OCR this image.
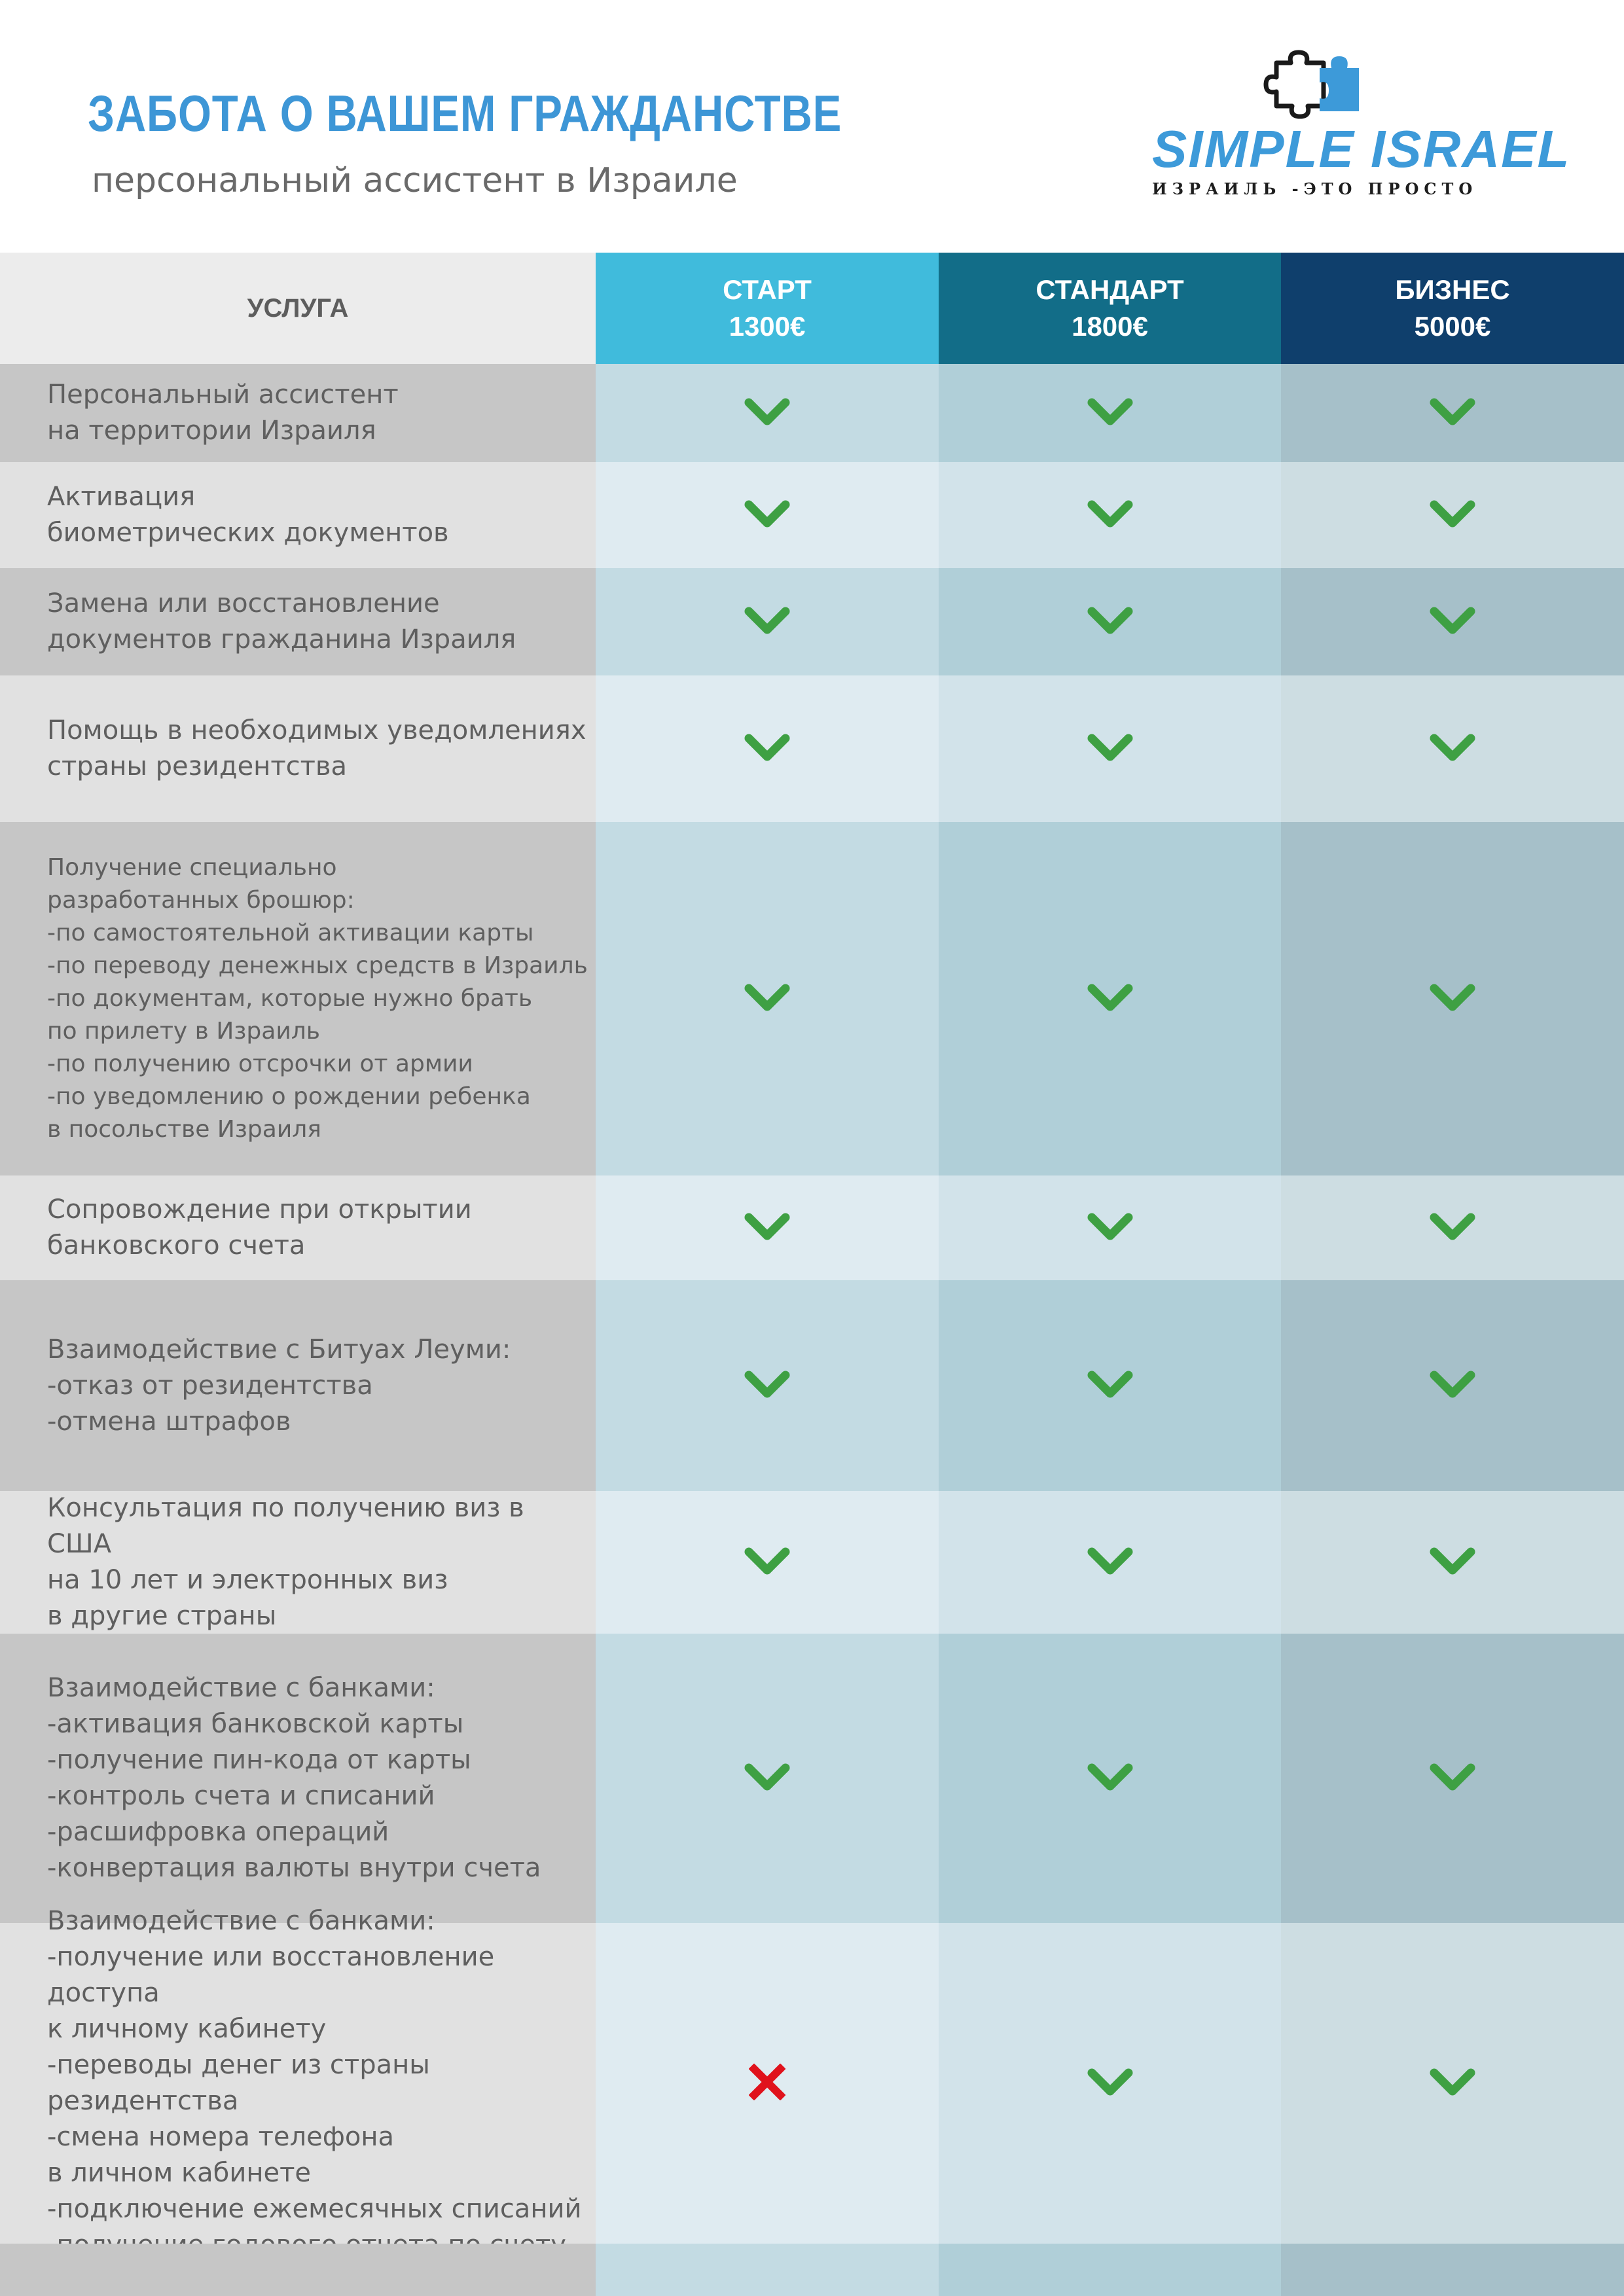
ЗАБОТА О ВАШЕМ ГРАЖДАНСТВЕ
персональный ассистент в Израиле
SIMPLE ISRAEL
ИЗРАИЛЬ -ЭТО ПРОСТО
УСЛУГА
СТАРТ
1300€
СТАНДАРТ
1800€
БИЗНЕС
5000€
Персональный ассистент
на территории Израиля
Активация
биометрических документов
Замена или восстановление
документов гражданина Израиля
Помощь в необходимых уведомлениях
страны резидентства
Получение специально
разработанных брошюр:
-по самостоятельной активации карты
-по переводу денежных средств в Израиль
-по документам, которые нужно брать
по прилету в Израиль
-по получению отсрочки от армии
-по уведомлению о рождении ребенка
в посольстве Израиля
Сопровождение при открытии
банковского счета
Взаимодействие с Битуах Леуми:
-отказ от резидентства
-отмена штрафов
Консультация по получению виз в США
на 10 лет и электронных виз
в другие страны
Взаимодействие с банками:
-активация банковской карты
-получение пин-кода от карты
-контроль счета и списаний
-расшифровка операций
-конвертация валюты внутри счета
Взаимодействие с банками:
-получение или восстановление доступа
к личному кабинету
-переводы денег из страны резидентства
-смена номера телефона
в личном кабинете
-подключение ежемесячных списаний
